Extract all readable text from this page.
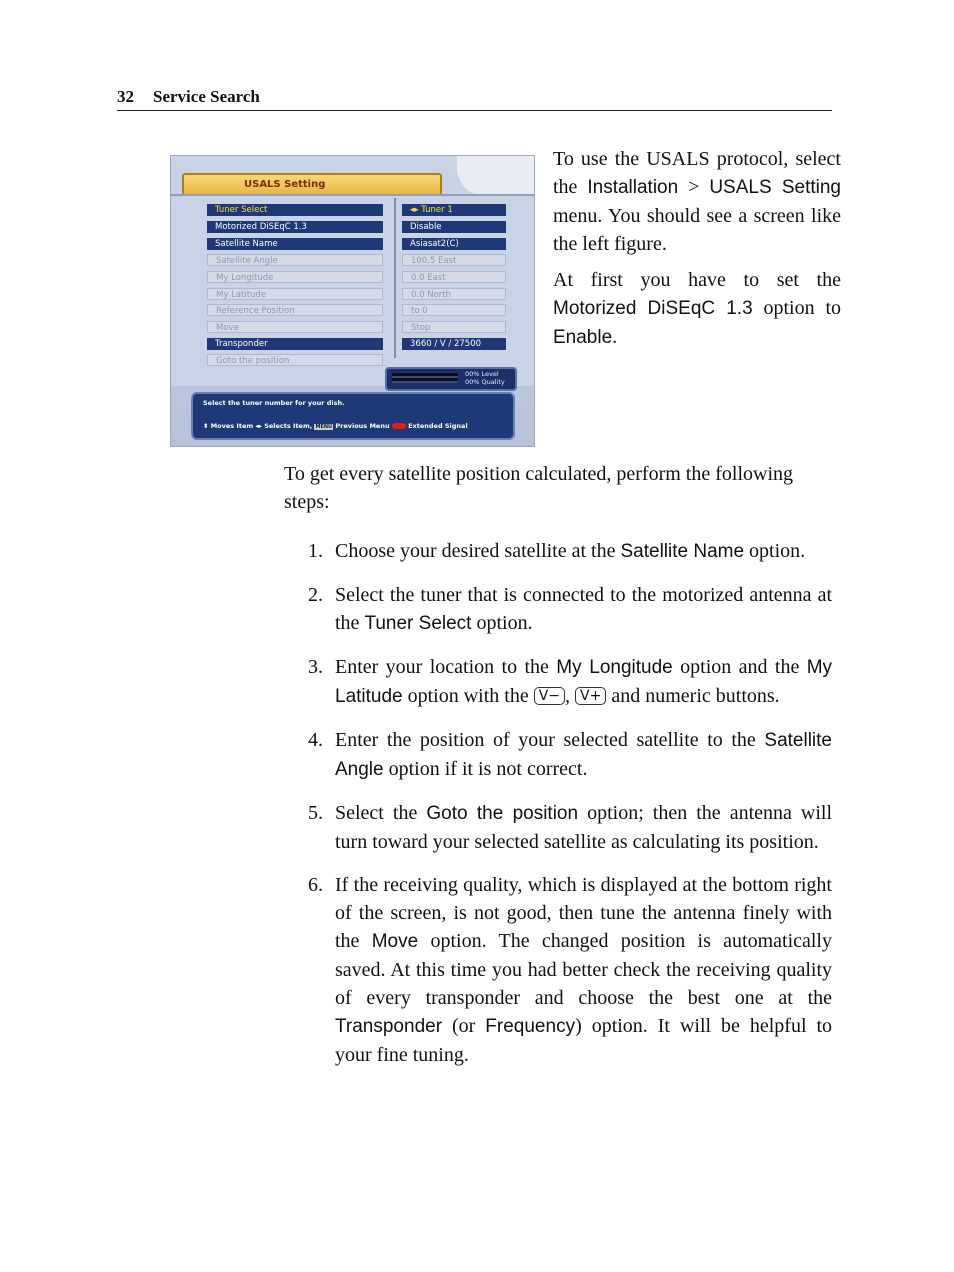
32 Service Search
USALS Setting
Tuner Select
Motorized DiSEqC 1.3
Satellite Name
Satellite Angle
My Longitude
My Latitude
Reference Position
Move
Transponder
Goto the position
◂▸ Tuner 1
Disable
Asiasat2(C)
100.5 East
0.0 East
0.0 North
to 0
Stop
3660 / V / 27500
00% Level
00% Quality
Select the tuner number for your dish.
⬍ Moves Item ◂▸ Selects Item, MENU Previous Menu	Extended Signal

To use the USALS protocol, select the Installation > USALS Setting menu. You should see a screen like the left figure.

At first you have to set the Motorized DiSEqC 1.3 option to Enable.

To get every satellite position calculated, perform the following steps:
1. Choose your desired satellite at the Satellite Name option.
2. Select the tuner that is connected to the motorized antenna at the Tuner Select option.
3. Enter your location to the My Longitude option and the My Latitude option with the V− , V+ and numeric buttons.
4. Enter the position of your selected satellite to the Satellite Angle option if it is not correct.
5. Select the Goto the position option; then the antenna will turn toward your selected satellite as calculating its position.
6. If the receiving quality, which is displayed at the bottom right of the screen, is not good, then tune the antenna finely with the Move option. The changed position is automatically saved. At this time you had better check the receiving quality of every transponder and choose the best one at the Transponder (or Frequency) option. It will be helpful to your fine tuning.
